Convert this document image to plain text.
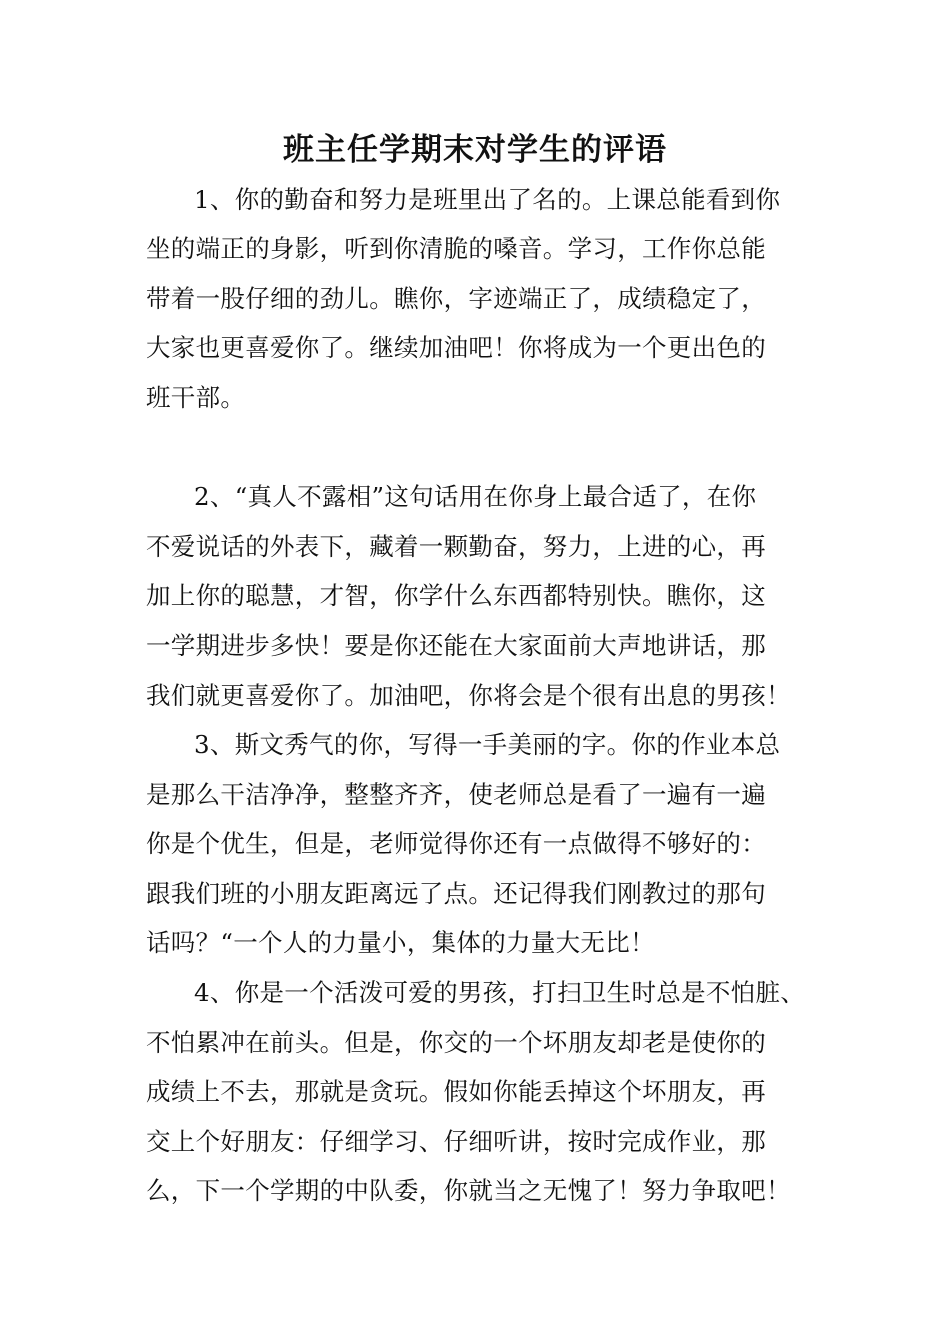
班主任学期末对学生的评语
1、你的勤奋和努力是班里出了名的。上课总能看到你
坐的端正的身影，听到你清脆的嗓音。学习，工作你总能
带着一股仔细的劲儿。瞧你，字迹端正了，成绩稳定了，
大家也更喜爱你了。继续加油吧！你将成为一个更出色的
班干部。
2、“真人不露相”这句话用在你身上最合适了，在你
不爱说话的外表下，藏着一颗勤奋，努力，上进的心，再
加上你的聪慧，才智，你学什么东西都特别快。瞧你，这
一学期进步多快！要是你还能在大家面前大声地讲话，那
我们就更喜爱你了。加油吧，你将会是个很有出息的男孩！
3、斯文秀气的你，写得一手美丽的字。你的作业本总
是那么干洁净净，整整齐齐，使老师总是看了一遍有一遍
你是个优生，但是，老师觉得你还有一点做得不够好的：
跟我们班的小朋友距离远了点。还记得我们刚教过的那句
话吗？“一个人的力量小，集体的力量大无比！
4、你是一个活泼可爱的男孩，打扫卫生时总是不怕脏、
不怕累冲在前头。但是，你交的一个坏朋友却老是使你的
成绩上不去，那就是贪玩。假如你能丢掉这个坏朋友，再
交上个好朋友：仔细学习、仔细听讲，按时完成作业，那
么，下一个学期的中队委，你就当之无愧了！努力争取吧！
